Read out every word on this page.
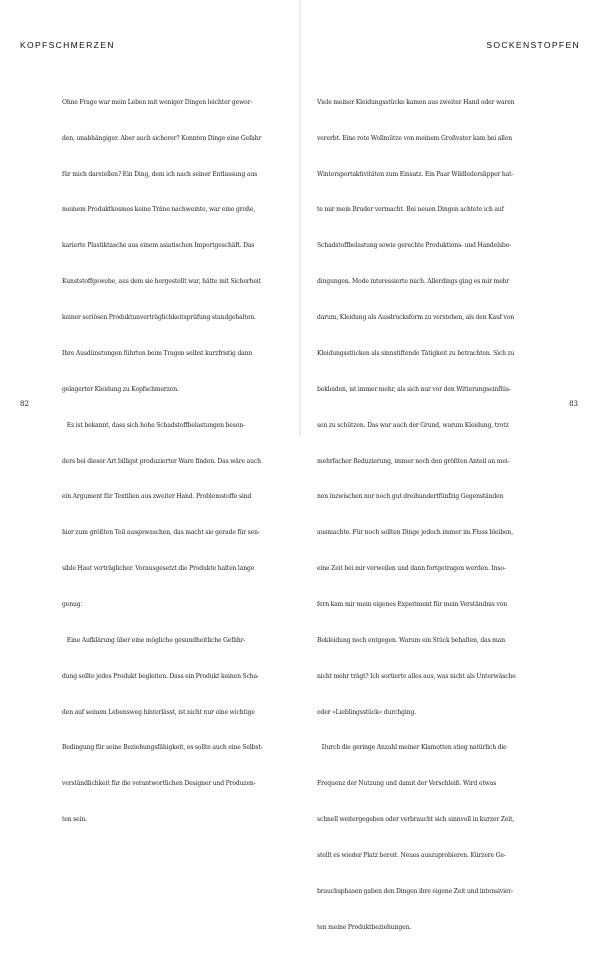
KOPFSCHMERZEN

Ohne Frage war mein Leben mit weniger Dingen leichter gewor-

den, unabhängiger. Aber auch sicherer? Konnten Dinge eine Gefahr

für mich darstellen? Ein Ding, dem ich nach seiner Entlassung aus

meinem Produktkosmos keine Träne nachweinte, war eine große,

karierte Plastiktasche aus einem asiatischen Importgeschäft. Das

Kunststoffgewebe, aus dem sie hergestellt war, hätte mit Sicherheit

keiner seriösen Produktunverträglichkeitsprüfung standgehalten.

Ihre Ausdünstungen führten beim Tragen selbst kurzfristig dann

gelagerter Kleidung zu Kopfschmerzen.

Es ist bekannt, dass sich hohe Schadstoffbelastungen beson-

ders bei dieser Art billigst produzierter Ware finden. Das wäre auch

ein Argument für Textilien aus zweiter Hand. Problemstoffe sind

hier zum größten Teil ausgewaschen, das macht sie gerade für sen-

sible Haut verträglicher. Vorausgesetzt die Produkte halten lange

genug.

Eine Aufklärung über eine mögliche gesundheitliche Gefähr-

dung sollte jedes Produkt begleiten. Dass ein Produkt keinen Scha-

den auf seinem Lebensweg hinterlässt, ist nicht nur eine wichtige

Bedingung für seine Beziehungsfähigkeit, es sollte auch eine Selbst-

verständlichkeit für die verantwortlichen Designer und Produzen-

ten sein.

82
SOCKENSTOPFEN

Viele meiner Kleidungsstücke kamen aus zweiter Hand oder waren

vererbt. Eine rote Wollmütze von meinem Großvater kam bei allen

Wintersportaktivitäten zum Einsatz. Ein Paar Wildlederslipper hat-

te mir mein Bruder vermacht. Bei neuen Dingen achtete ich auf

Schadstoffbelastung sowie gerechte Produktions- und Handelsbe-

dingungen. Mode interessierte mich. Allerdings ging es mir mehr

darum, Kleidung als Ausdrucksform zu verstehen, als den Kauf von

Kleidungsstücken als sinnstiftende Tätigkeit zu betrachten. Sich zu

bekleiden, ist immer mehr, als sich nur vor den Witterungseinflüs-

sen zu schützen. Das war auch der Grund, warum Kleidung, trotz

mehrfacher Reduzierung, immer noch den größten Anteil an mei-

nen inzwischen nur noch gut dreihundertfünfzig Gegenständen

ausmachte. Für noch sollten Dinge jedoch immer im Fluss bleiben,

eine Zeit bei mir verweilen und dann fortgetragen werden. Inso-

fern kam mir mein eigenes Experiment für mein Verständnis von

Bekleidung noch entgegen. Warum ein Stück behalten, das man

nicht mehr trägt? Ich sortierte alles aus, was nicht als Unterwäsche

oder »Lieblingsstück« durchging.

Durch die geringe Anzahl meiner Klamotten stieg natürlich die

Frequenz der Nutzung und damit der Verschleiß. Wird etwas

schnell weitergegeben oder verbraucht sich sinnvoll in kurzer Zeit,

stellt es wieder Platz bereit. Neues auszuprobieren. Kürzere Ge-

brauchsphasen gaben den Dingen ihre eigene Zeit und intensivier-

ten meine Produktbeziehungen.

83
